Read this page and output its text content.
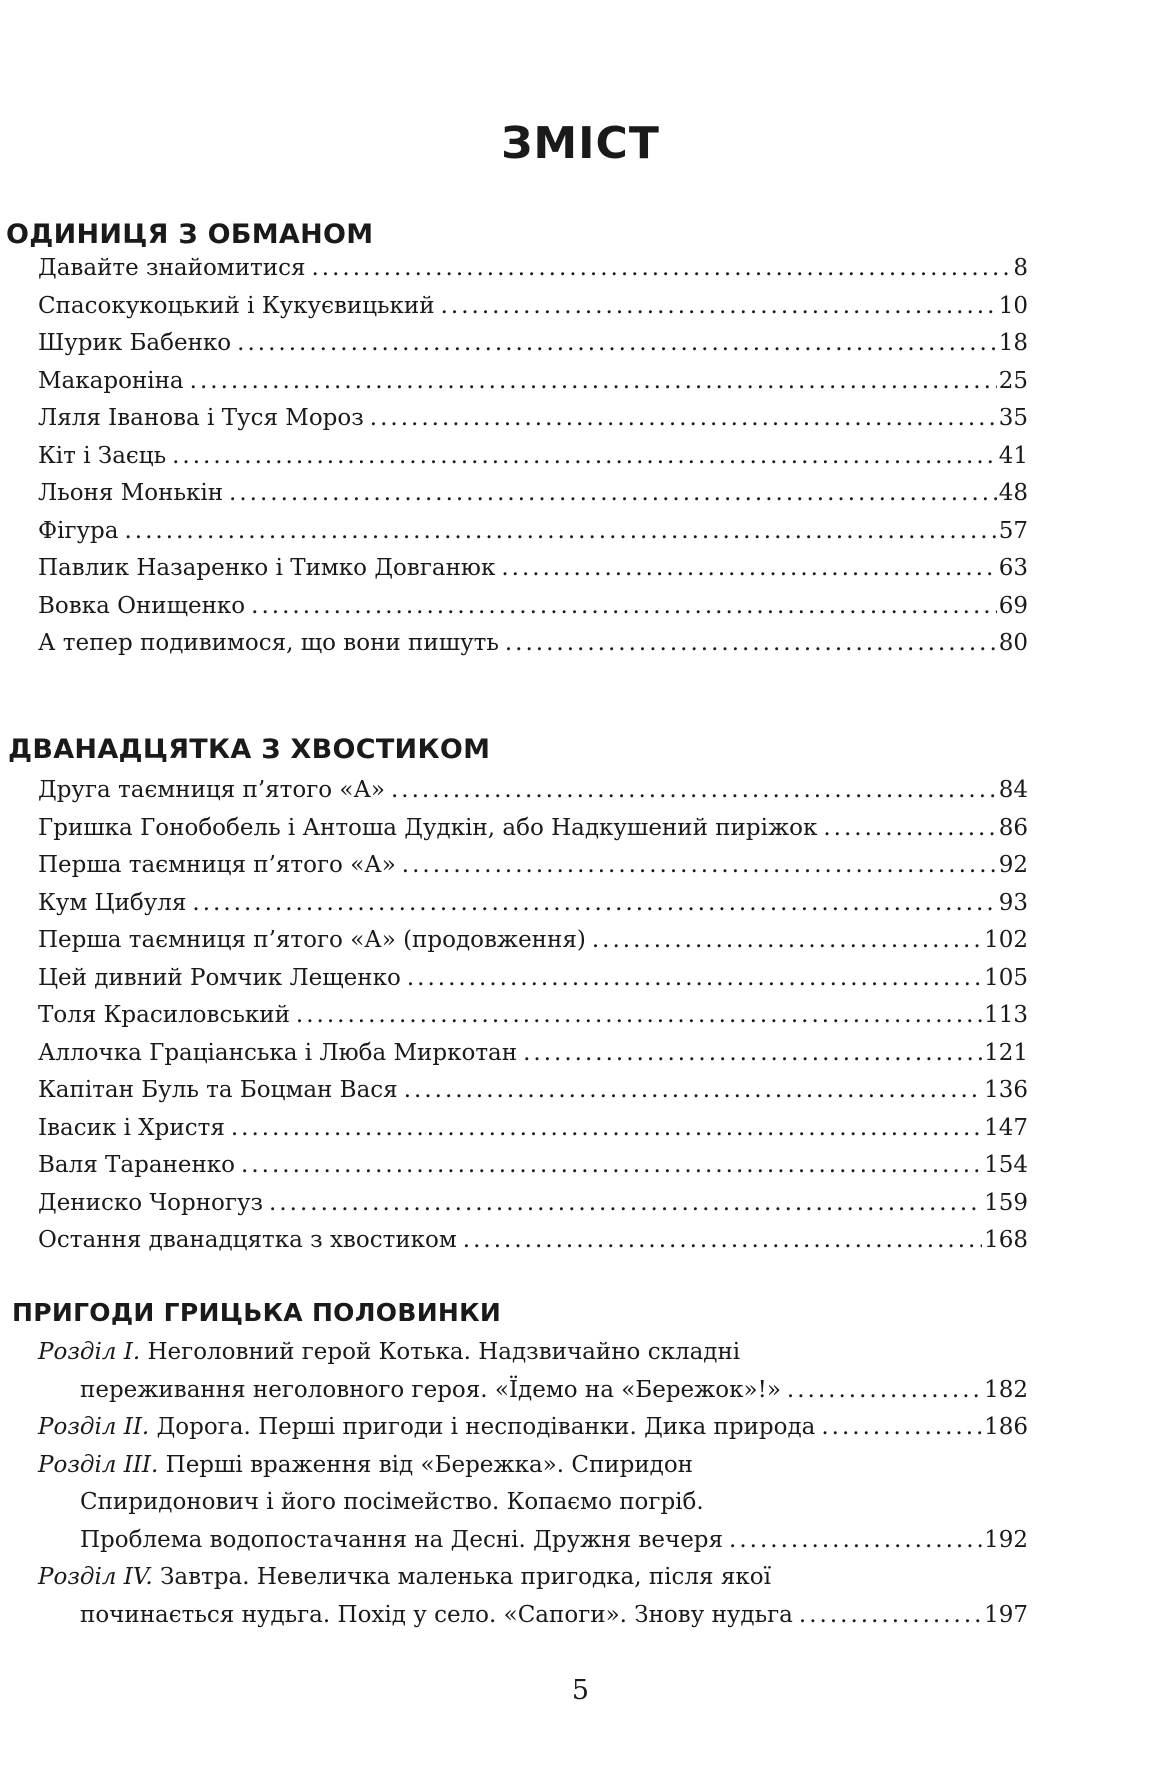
ЗМІСТ
ОДИНИЦЯ З ОБМАНОМ
Давайте знайомитися .....	8
Спасокукоцький і Кукуєвицький .....	10
Шурик Бабенко .....	18
Макароніна .....	25
Ляля Іванова і Туся Мороз .....	35
Кіт і Заєць .....	41
Льоня Монькін .....	48
Фігура .....	57
Павлик Назаренко і Тимко Довганюк .....	63
Вовка Онищенко .....	69
А тепер подивимося, що вони пишуть .....	80
ДВАНАДЦЯТКА З ХВОСТИКОМ
Друга таємниця п’ятого «А» .....	84
Гришка Гонобобель і Антоша Дудкін, або Надкушений пиріжок .....	86
Перша таємниця п’ятого «А» .....	92
Кум Цибуля .....	93
Перша таємниця п’ятого «А» (продовження) .....	102
Цей дивний Ромчик Лещенко .....	105
Толя Красиловський .....	113
Аллочка Граціанська і Люба Миркотан .....	121
Капітан Буль та Боцман Вася .....	136
Івасик і Христя .....	147
Валя Тараненко .....	154
Дениско Чорногуз .....	159
Остання дванадцятка з хвостиком .....	168
ПРИГОДИ ГРИЦЬКА ПОЛОВИНКИ
Розділ І. Неголовний герой Котька. Надзвичайно складні
переживання неголовного героя. «Їдемо на «Бережок»!» .....	182
Розділ ІІ. Дорога. Перші пригоди і несподіванки. Дика природа .....	186
Розділ ІІІ. Перші враження від «Бережка». Спиридон
Спиридонович і його посімейство. Копаємо погріб.
Проблема водопостачання на Десні. Дружня вечеря .....	192
Розділ IV. Завтра. Невеличка маленька пригодка, після якої
починається нудьга. Похід у село. «Сапоги». Знову нудьга .....	197
5
